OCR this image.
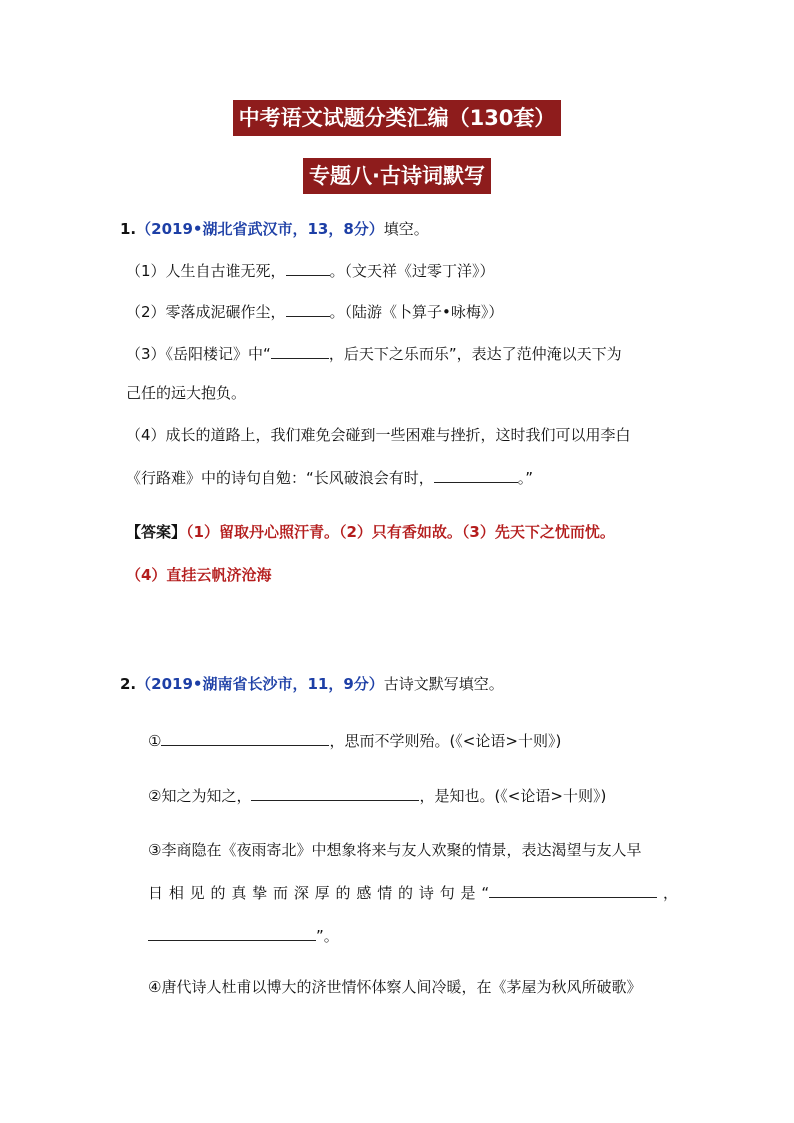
中考语文试题分类汇编（130套）
专题八·古诗词默写
1.（2019•湖北省武汉市，13，8分）填空。
（1）人生自古谁无死，	。（文天祥《过零丁洋》）
（2）零落成泥碾作尘，	。（陆游《卜算子•咏梅》）
（3）《岳阳楼记》中“	，后天下之乐而乐”，表达了范仲淹以天下为
己任的远大抱负。
（4）成长的道路上，我们难免会碰到一些困难与挫折，这时我们可以用李白
《行路难》中的诗句自勉：“长风破浪会有时，	。”
【答案】（1）留取丹心照汗青。（2）只有香如故。（3）先天下之忧而忧。
（4）直挂云帆济沧海
2.（2019•湖南省长沙市，11，9分）古诗文默写填空。
①	，思而不学则殆。(《<论语>十则》)
②知之为知之，	，是知也。(《<论语>十则》)
③李商隐在《夜雨寄北》中想象将来与友人欢聚的情景，表达渴望与友人早
日相见的真挚而深厚的感情的诗句是“	，
”。
④唐代诗人杜甫以博大的济世情怀体察人间冷暖，在《茅屋为秋风所破歌》
